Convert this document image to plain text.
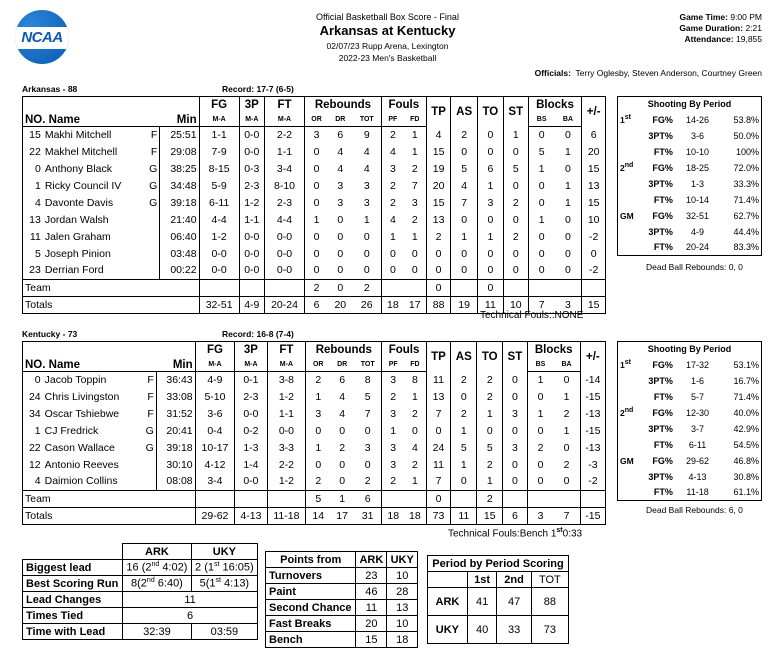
NCAA
Official Basketball Box Score - Final
Arkansas at Kentucky
02/07/23 Rupp Arena, Lexington
2022-23 Men's Basketball
Game Time: 9:00 PM
Game Duration: 2:21
Attendance: 19,855
Officials: Terry Oglesby, Steven Anderson, Courtney Green
Arkansas - 88	Record: 17-7 (6-5)
				FG	3P	FT	Rebounds			Fouls		TP	AS	TO	ST	Blocks		+/-
NO. Name			Min	M-A	M-A	M-A	OR	DR	TOT	PF	FD					BS	BA	
15	Makhi Mitchell	F	25:51	1-1	0-0	2-2	3	6	9	2	1	4	2	0	1	0	0	6
22	Makhel Mitchell	F	29:08	7-9	0-0	1-1	0	4	4	4	1	15	0	0	0	5	1	20
0	Anthony Black	G	38:25	8-15	0-3	3-4	0	4	4	3	2	19	5	6	5	1	0	15
1	Ricky Council IV	G	34:48	5-9	2-3	8-10	0	3	3	2	7	20	4	1	0	0	1	13
4	Davonte Davis	G	39:18	6-11	1-2	2-3	0	3	3	2	3	15	7	3	2	0	1	15
13	Jordan Walsh		21:40	4-4	1-1	4-4	1	0	1	4	2	13	0	0	0	1	0	10
11	Jalen Graham		06:40	1-2	0-0	0-0	0	0	0	1	1	2	1	1	2	0	0	-2
5	Joseph Pinion		03:48	0-0	0-0	0-0	0	0	0	0	0	0	0	0	0	0	0	0
23	Derrian Ford		00:22	0-0	0-0	0-0	0	0	0	0	0	0	0	0	0	0	0	-2
Team							2	0	2			0		0				
Totals				32-51	4-9	20-24	6	20	26	18	17	88	19	11	10	7	3	15
Technical Fouls::NONE
Shooting By Period			
1st	FG%	14-26	53.8%
	3PT%	3-6	50.0%
	FT%	10-10	100%
2nd	FG%	18-25	72.0%
	3PT%	1-3	33.3%
	FT%	10-14	71.4%
GM	FG%	32-51	62.7%
	3PT%	4-9	44.4%
	FT%	20-24	83.3%
Dead Ball Rebounds: 0, 0
Kentucky - 73	Record: 16-8 (7-4)
				FG	3P	FT	Rebounds			Fouls		TP	AS	TO	ST	Blocks		+/-
NO. Name			Min	M-A	M-A	M-A	OR	DR	TOT	PF	FD					BS	BA	
0	Jacob Toppin	F	36:43	4-9	0-1	3-8	2	6	8	3	8	11	2	2	0	1	0	-14
24	Chris Livingston	F	33:08	5-10	2-3	1-2	1	4	5	2	1	13	0	2	0	0	1	-15
34	Oscar Tshiebwe	F	31:52	3-6	0-0	1-1	3	4	7	3	2	7	2	1	3	1	2	-13
1	CJ Fredrick	G	20:41	0-4	0-2	0-0	0	0	0	1	0	0	1	0	0	0	1	-15
22	Cason Wallace	G	39:18	10-17	1-3	3-3	1	2	3	3	4	24	5	5	3	2	0	-13
12	Antonio Reeves		30:10	4-12	1-4	2-2	0	0	0	3	2	11	1	2	0	0	2	-3
4	Daimion Collins		08:08	3-4	0-0	1-2	2	0	2	2	1	7	0	1	0	0	0	-2
Team							5	1	6			0		2				
Totals				29-62	4-13	11-18	14	17	31	18	18	73	11	15	6	3	7	-15
Technical Fouls:Bench 1st0:33
Shooting By Period			
1st	FG%	17-32	53.1%
	3PT%	1-6	16.7%
	FT%	5-7	71.4%
2nd	FG%	12-30	40.0%
	3PT%	3-7	42.9%
	FT%	6-11	54.5%
GM	FG%	29-62	46.8%
	3PT%	4-13	30.8%
	FT%	11-18	61.1%
Dead Ball Rebounds: 6, 0
	ARK	UKY
Biggest lead	16 (2nd 4:02)	2 (1st 16:05)
Best Scoring Run	8(2nd 6:40)	5(1st 4:13)
Lead Changes	11	
Times Tied	6	
Time with Lead	32:39	03:59
Points from	ARK	UKY
Turnovers	23	10
Paint	46	28
Second Chance	11	13
Fast Breaks	20	10
Bench	15	18
Period by Period Scoring			
	1st	2nd	TOT
ARK	41	47	88
UKY	40	33	73
